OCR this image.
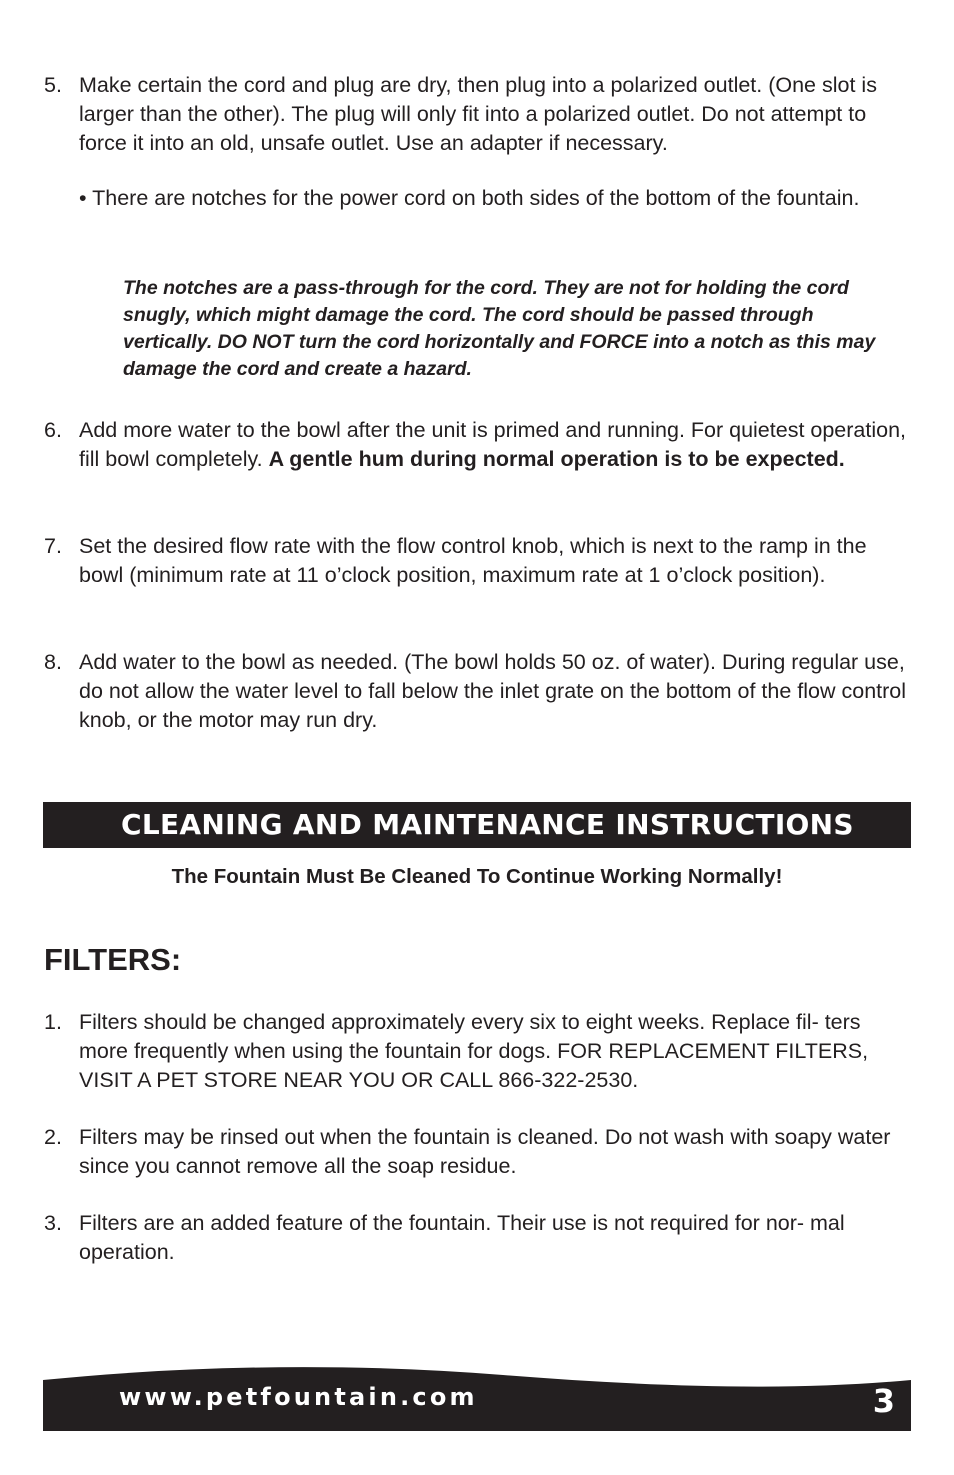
5. Make certain the cord and plug are dry, then plug into a polarized outlet. (One slot is larger than the other). The plug will only fit into a polarized outlet. Do not attempt to force it into an old, unsafe outlet. Use an adapter if necessary.
• There are notches for the power cord on both sides of the bottom of the fountain.
The notches are a pass-through for the cord. They are not for holding the cord snugly, which might damage the cord. The cord should be passed through vertically. DO NOT turn the cord horizontally and FORCE into a notch as this may damage the cord and create a hazard.
6. Add more water to the bowl after the unit is primed and running. For quietest operation, fill bowl completely. A gentle hum during normal operation is to be expected.
7. Set the desired flow rate with the flow control knob, which is next to the ramp in the bowl (minimum rate at 11 o’clock position, maximum rate at 1 o’clock position).
8. Add water to the bowl as needed. (The bowl holds 50 oz. of water). During regular use, do not allow the water level to fall below the inlet grate on the bottom of the flow control knob, or the motor may run dry.
CLEANING AND MAINTENANCE INSTRUCTIONS
The Fountain Must Be Cleaned To Continue Working Normally!
FILTERS:
1. Filters should be changed approximately every six to eight weeks. Replace fil- ters more frequently when using the fountain for dogs. FOR REPLACEMENT FILTERS, VISIT A PET STORE NEAR YOU OR CALL 866-322-2530.
2. Filters may be rinsed out when the fountain is cleaned. Do not wash with soapy water since you cannot remove all the soap residue.
3. Filters are an added feature of the fountain. Their use is not required for nor- mal operation.
www.petfountain.com	3
